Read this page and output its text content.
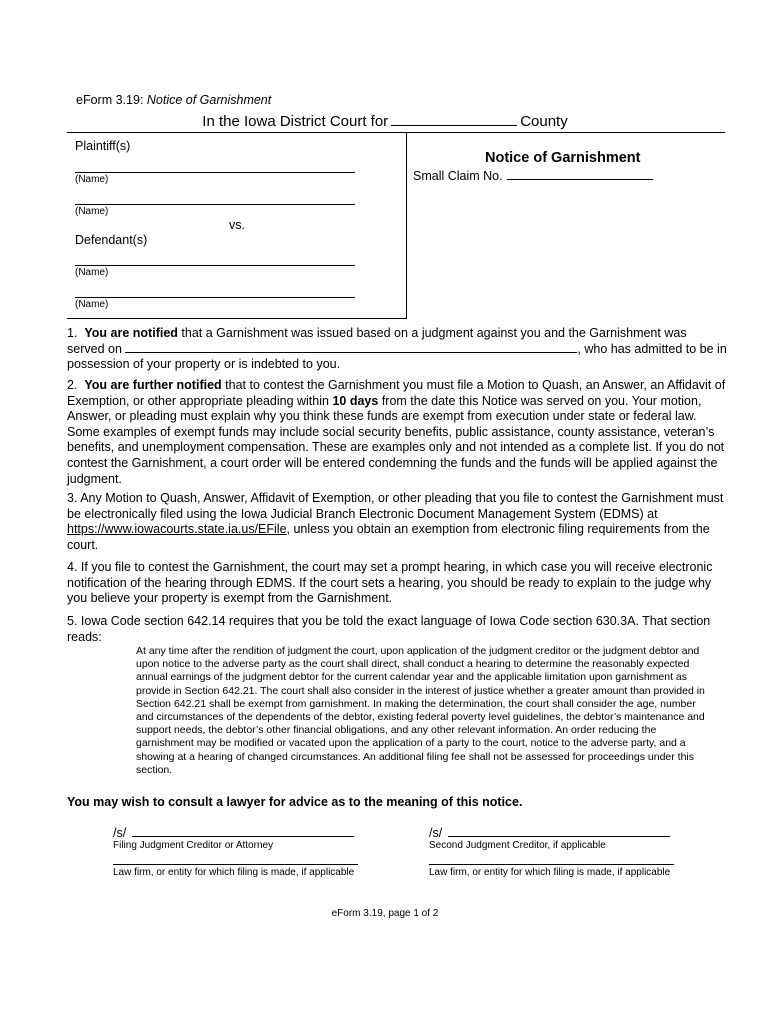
eForm 3.19: Notice of Garnishment
In the Iowa District Court for	County
Plaintiff(s)
(Name)
(Name)
vs.
Defendant(s)
(Name)
(Name)
Notice of Garnishment
Small Claim No.
1. You are notified that a Garnishment was issued based on a judgment against you and the Garnishment was served on	, who has admitted to be in possession of your property or is indebted to you.
2. You are further notified that to contest the Garnishment you must file a Motion to Quash, an Answer, an Affidavit of Exemption, or other appropriate pleading within 10 days from the date this Notice was served on you. Your motion, Answer, or pleading must explain why you think these funds are exempt from execution under state or federal law. Some examples of exempt funds may include social security benefits, public assistance, county assistance, veteran’s benefits, and unemployment compensation. These are examples only and not intended as a complete list. If you do not contest the Garnishment, a court order will be entered condemning the funds and the funds will be applied against the judgment.
3. Any Motion to Quash, Answer, Affidavit of Exemption, or other pleading that you file to contest the Garnishment must be electronically filed using the Iowa Judicial Branch Electronic Document Management System (EDMS) at https://www.iowacourts.state.ia.us/EFile, unless you obtain an exemption from electronic filing requirements from the court.
4. If you file to contest the Garnishment, the court may set a prompt hearing, in which case you will receive electronic notification of the hearing through EDMS. If the court sets a hearing, you should be ready to explain to the judge why you believe your property is exempt from the Garnishment.
5. Iowa Code section 642.14 requires that you be told the exact language of Iowa Code section 630.3A. That section reads:
At any time after the rendition of judgment the court, upon application of the judgment creditor or the judgment debtor and upon notice to the adverse party as the court shall direct, shall conduct a hearing to determine the reasonably expected annual earnings of the judgment debtor for the current calendar year and the applicable limitation upon garnishment as provide in Section 642.21. The court shall also consider in the interest of justice whether a greater amount than provided in Section 642.21 shall be exempt from garnishment. In making the determination, the court shall consider the age, number and circumstances of the dependents of the debtor, existing federal poverty level guidelines, the debtor’s maintenance and support needs, the debtor’s other financial obligations, and any other relevant information. An order reducing the garnishment may be modified or vacated upon the application of a party to the court, notice to the adverse party, and a showing at a hearing of changed circumstances. An additional filing fee shall not be assessed for proceedings under this section.
You may wish to consult a lawyer for advice as to the meaning of this notice.
/s/
Filing Judgment Creditor or Attorney
Law firm, or entity for which filing is made, if applicable
/s/
Second Judgment Creditor, if applicable
Law firm, or entity for which filing is made, if applicable
eForm 3.19, page 1 of 2
